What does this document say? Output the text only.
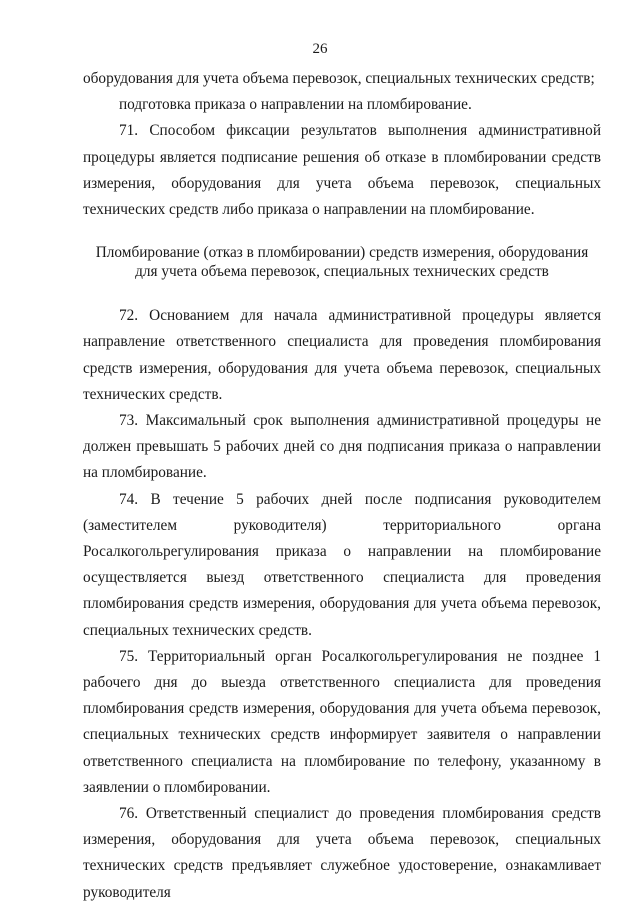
26

оборудования для учета объема перевозок, специальных технических средств;

подготовка приказа о направлении на пломбирование.

71. Способом фиксации результатов выполнения административной процедуры является подписание решения об отказе в пломбировании средств измерения, оборудования для учета объема перевозок, специальных технических средств либо приказа о направлении на пломбирование.

Пломбирование (отказ в пломбировании) средств измерения, оборудования для учета объема перевозок, специальных технических средств

72. Основанием для начала административной процедуры является направление ответственного специалиста для проведения пломбирования средств измерения, оборудования для учета объема перевозок, специальных технических средств.

73. Максимальный срок выполнения административной процедуры не должен превышать 5 рабочих дней со дня подписания приказа о направлении на пломбирование.

74. В течение 5 рабочих дней после подписания руководителем (заместителем руководителя) территориального органа Росалкогольрегулирования приказа о направлении на пломбирование осуществляется выезд ответственного специалиста для проведения пломбирования средств измерения, оборудования для учета объема перевозок, специальных технических средств.

75. Территориальный орган Росалкогольрегулирования не позднее 1 рабочего дня до выезда ответственного специалиста для проведения пломбирования средств измерения, оборудования для учета объема перевозок, специальных технических средств информирует заявителя о направлении ответственного специалиста на пломбирование по телефону, указанному в заявлении о пломбировании.

76. Ответственный специалист до проведения пломбирования средств измерения, оборудования для учета объема перевозок, специальных технических средств предъявляет служебное удостоверение, ознакамливает руководителя
